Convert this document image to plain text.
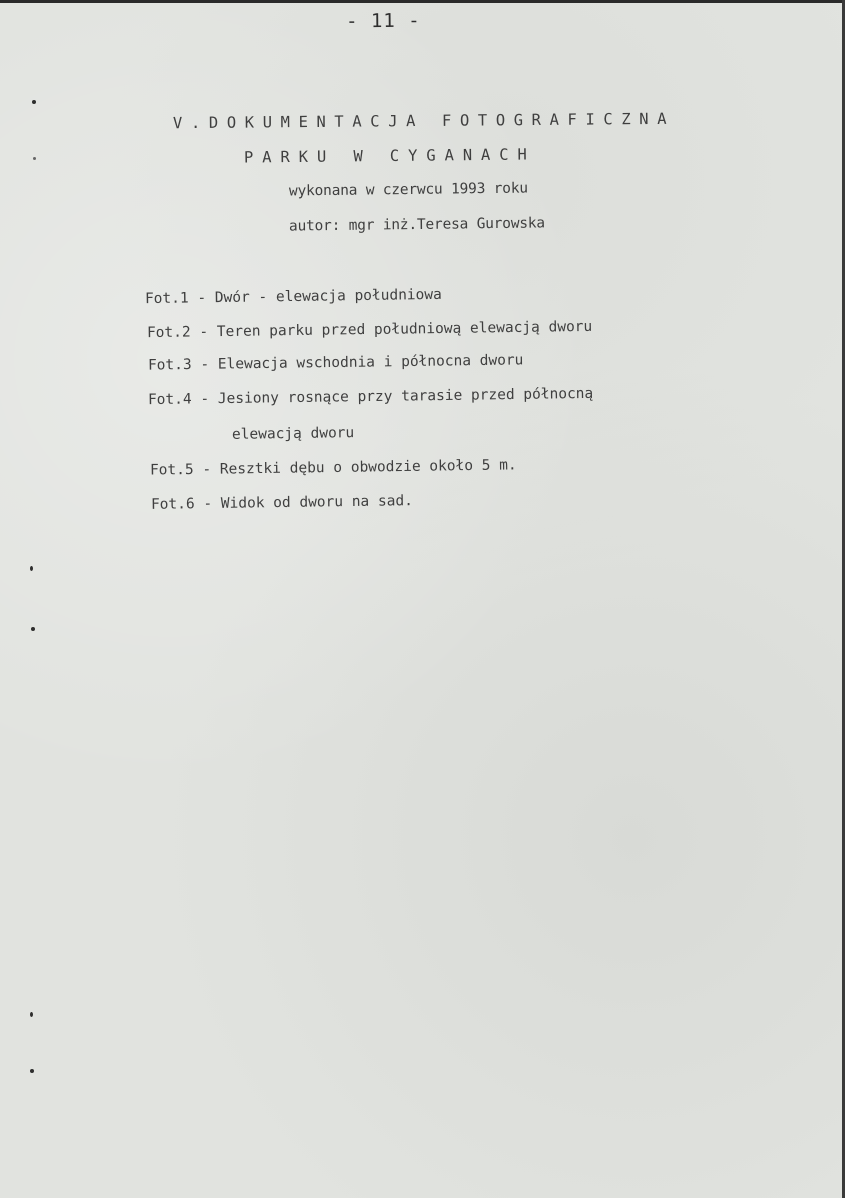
- 11 -
V.DOKUMENTACJA FOTOGRAFICZNA
PARKU W CYGANACH
wykonana w czerwcu 1993 roku
autor: mgr inż.Teresa Gurowska
Fot.1 - Dwór - elewacja południowa
Fot.2 - Teren parku przed południową elewacją dworu
Fot.3 - Elewacja wschodnia i północna dworu
Fot.4 - Jesiony rosnące przy tarasie przed północną
elewacją dworu
Fot.5 - Resztki dębu o obwodzie około 5 m.
Fot.6 - Widok od dworu na sad.
